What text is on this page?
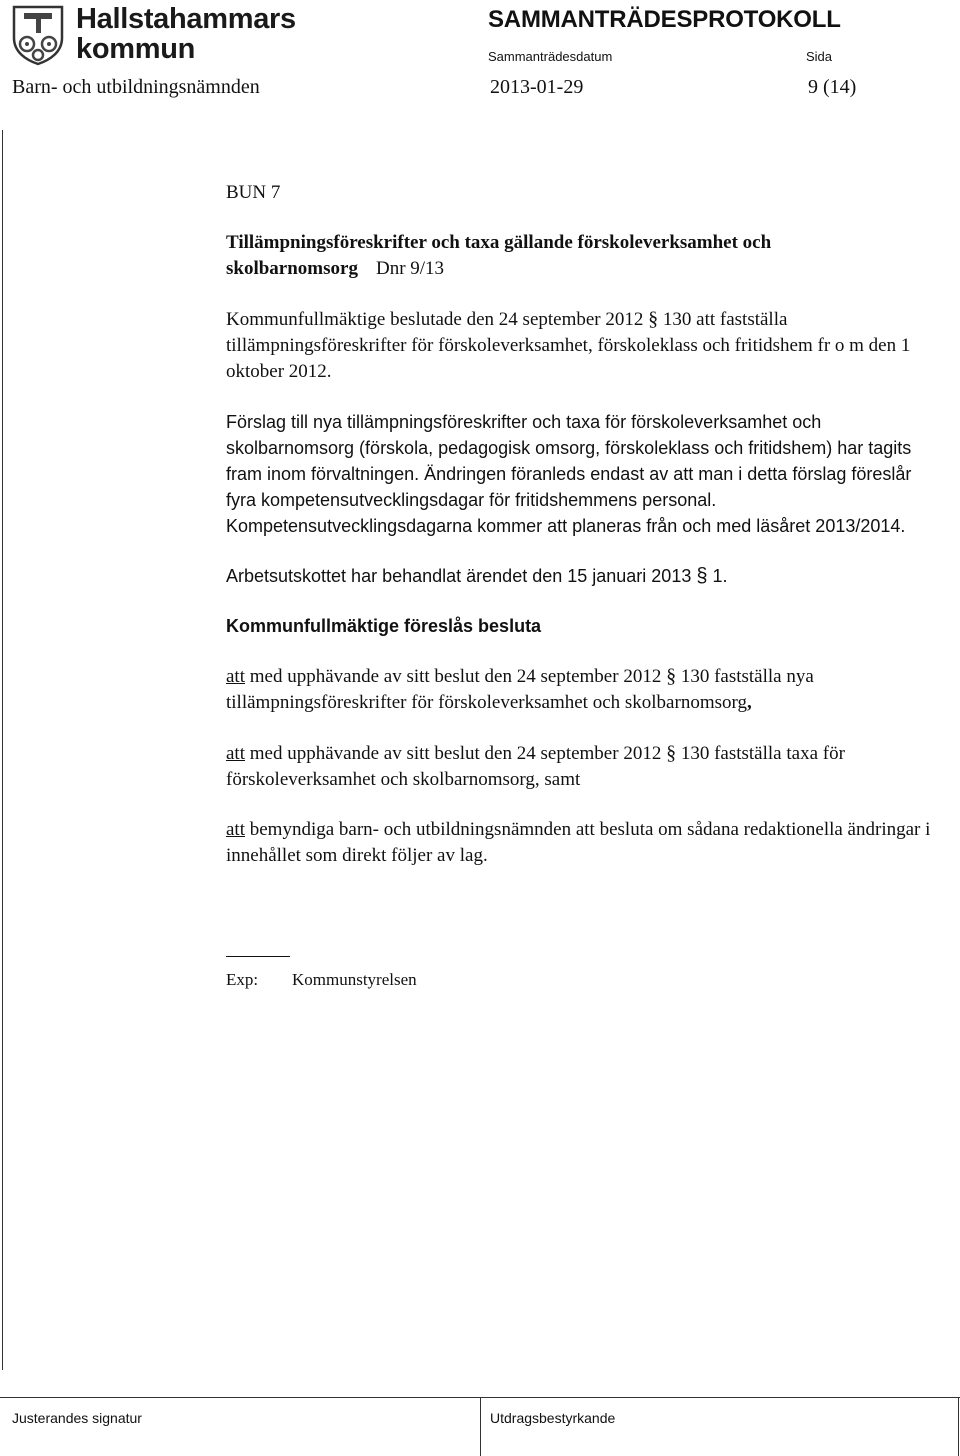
Hallstahammars
kommun
SAMMANTRÄDESPROTOKOLL
Sammanträdesdatum	Sida
Barn- och utbildningsnämnden	2013-01-29	9 (14)

BUN 7

Tillämpningsföreskrifter och taxa gällande förskoleverksamhet och skolbarnomsorg Dnr 9/13

Kommunfullmäktige beslutade den 24 september 2012 § 130 att fastställa tillämpningsföreskrifter för förskoleverksamhet, förskoleklass och fritidshem fr o m den 1 oktober 2012.

Förslag till nya tillämpningsföreskrifter och taxa för förskoleverksamhet och skolbarnomsorg (förskola, pedagogisk omsorg, förskoleklass och fritidshem) har tagits fram inom förvaltningen. Ändringen föranleds endast av att man i detta förslag föreslår fyra kompetensutvecklingsdagar för fritidshemmens personal. Kompetensutvecklingsdagarna kommer att planeras från och med läsåret 2013/2014.

Arbetsutskottet har behandlat ärendet den 15 januari 2013 § 1.

Kommunfullmäktige föreslås besluta

att med upphävande av sitt beslut den 24 september 2012 § 130 fastställa nya tillämpningsföreskrifter för förskoleverksamhet och skolbarnomsorg,

att med upphävande av sitt beslut den 24 september 2012 § 130 fastställa taxa för förskoleverksamhet och skolbarnomsorg, samt

att bemyndiga barn- och utbildningsnämnden att besluta om sådana redaktionella ändringar i innehållet som direkt följer av lag.

Exp: Kommunstyrelsen
Justerandes signatur	Utdragsbestyrkande
